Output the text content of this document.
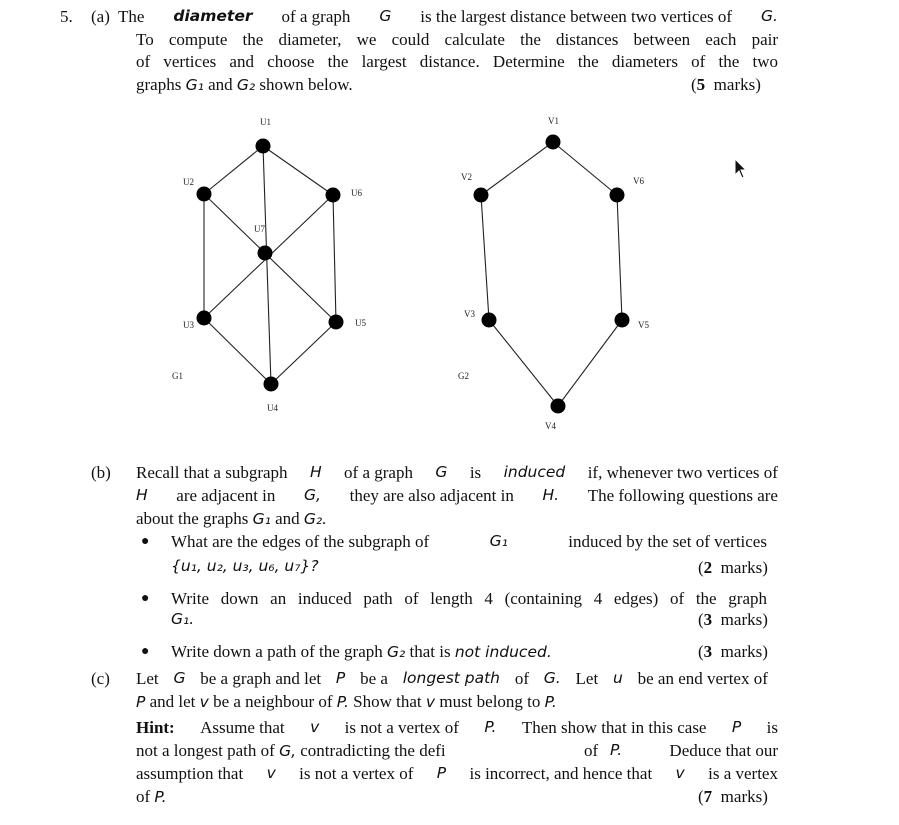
5. (a) The diameter of a graph G is the largest distance between two vertices of G.
To compute the diameter, we could calculate the distances between each pair
of vertices and choose the largest distance. Determine the diameters of the two
graphs G₁ and G₂ shown below.	(5 marks)
U1
U2
U6
U7
U3	U5
U4
G1
V1
V2	V6
V3
V5
V4
G2
(b) Recall that a subgraph H of a graph G is induced if, whenever two vertices of
H are adjacent in G, they are also adjacent in H. The following questions are
about the graphs G₁ and G₂.
● What are the edges of the subgraph of	G₁	induced by the set of vertices
{u₁, u₂, u₃, u₆, u₇}?	(2 marks)
● Write down an induced path of length 4 (containing 4 edges) of the graph
G₁.	(3 marks)
● Write down a path of the graph G₂ that is not induced.	(3 marks)
(c) Let G be a graph and let P be a longest path of G. Let u be an end vertex of
P and let v be a neighbour of P. Show that v must belong to P.
Hint: Assume that v is not a vertex of P. Then show that in this case P is
not a longest path of G, contradicting the defi	of P.	Deduce that our
assumption that v is not a vertex of P is incorrect, and hence that v is a vertex
of P.	(7 marks)
